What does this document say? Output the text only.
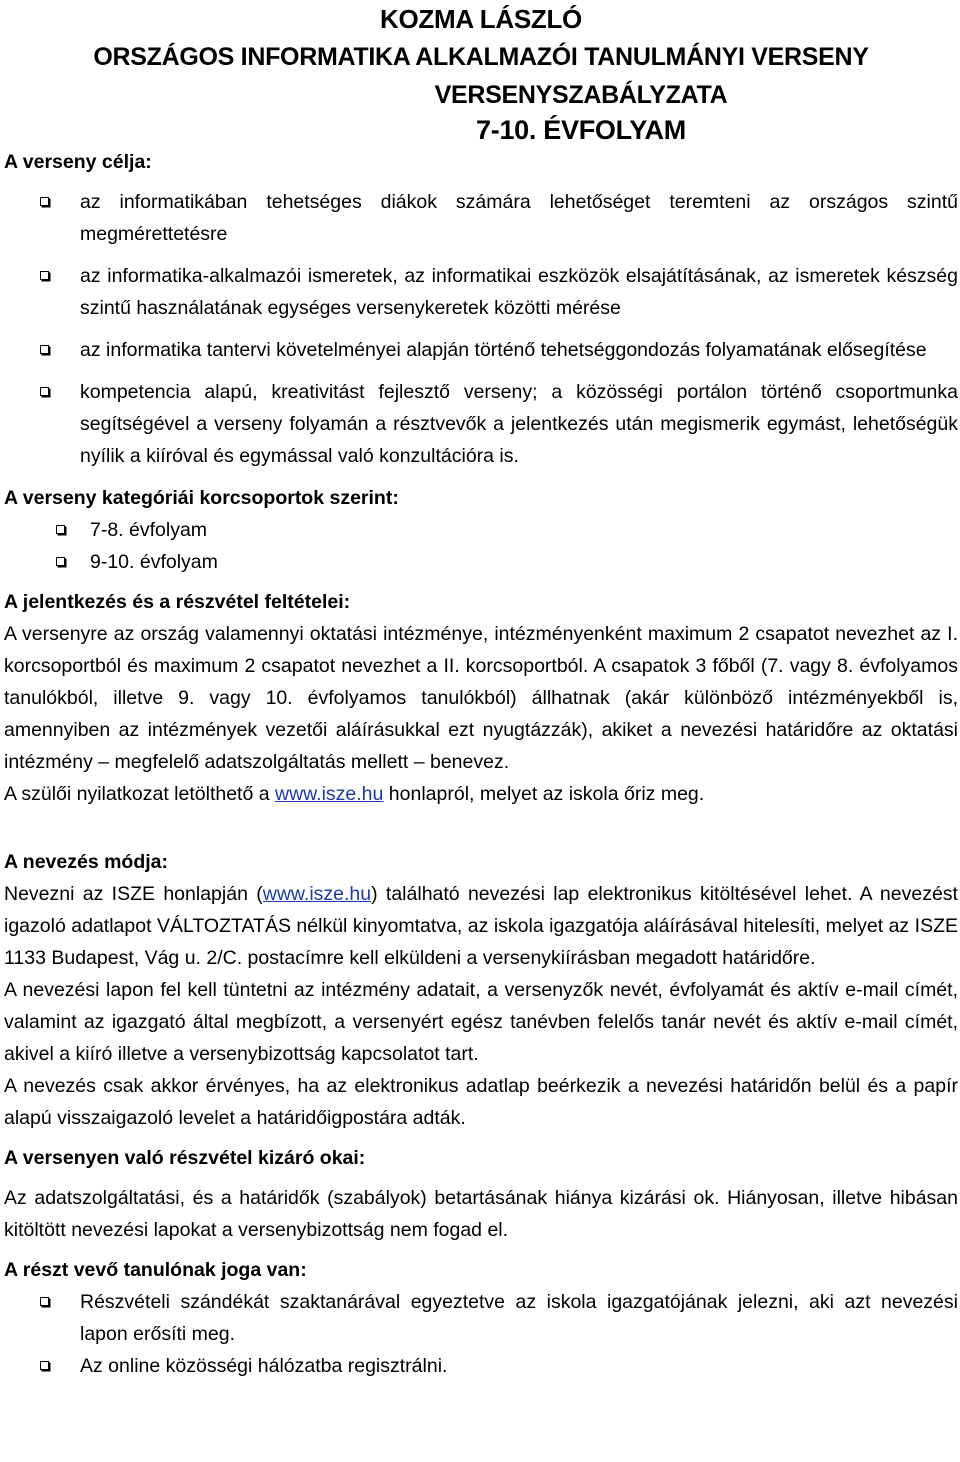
KOZMA LÁSZLÓ
ORSZÁGOS INFORMATIKA ALKALMAZÓI TANULMÁNYI VERSENY
VERSENYSZABÁLYZATA
7-10. ÉVFOLYAM
A verseny célja:
az informatikában tehetséges diákok számára lehetőséget teremteni az országos szintű megmérettetésre
az informatika-alkalmazói ismeretek, az informatikai eszközök elsajátításának, az ismeretek készség szintű használatának egységes versenykeretek közötti mérése
az informatika tantervi követelményei alapján történő tehetséggondozás folyamatának elősegítése
kompetencia alapú, kreativitást fejlesztő verseny; a közösségi portálon történő csoportmunka segítségével a verseny folyamán a résztvevők a jelentkezés után megismerik egymást, lehetőségük nyílik a kiíróval és egymással való konzultációra is.
A verseny kategóriái korcsoportok szerint:
7-8. évfolyam
9-10. évfolyam
A jelentkezés és a részvétel feltételei:

A versenyre az ország valamennyi oktatási intézménye, intézményenként maximum 2 csapatot nevezhet az I. korcsoportból és maximum 2 csapatot nevezhet a II. korcsoportból. A csapatok 3 főből (7. vagy 8. évfolyamos tanulókból, illetve 9. vagy 10. évfolyamos tanulókból) állhatnak (akár különböző intézményekből is, amennyiben az intézmények vezetői aláírásukkal ezt nyugtázzák), akiket a nevezési határidőre az oktatási intézmény – megfelelő adatszolgáltatás mellett – benevez.

A szülői nyilatkozat letölthető a www.isze.hu honlapról, melyet az iskola őriz meg.

A nevezés módja:

Nevezni az ISZE honlapján (www.isze.hu) található nevezési lap elektronikus kitöltésével lehet. A nevezést igazoló adatlapot VÁLTOZTATÁS nélkül kinyomtatva, az iskola igazgatója aláírásával hitelesíti, melyet az ISZE 1133 Budapest, Vág u. 2/C. postacímre kell elküldeni a versenykiírásban megadott határidőre.

A nevezési lapon fel kell tüntetni az intézmény adatait, a versenyzők nevét, évfolyamát és aktív e-mail címét, valamint az igazgató által megbízott, a versenyért egész tanévben felelős tanár nevét és aktív e-mail címét, akivel a kiíró illetve a versenybizottság kapcsolatot tart.

A nevezés csak akkor érvényes, ha az elektronikus adatlap beérkezik a nevezési határidőn belül és a papír alapú visszaigazoló levelet a határidőigpostára adták.

A versenyen való részvétel kizáró okai:

Az adatszolgáltatási, és a határidők (szabályok) betartásának hiánya kizárási ok. Hiányosan, illetve hibásan kitöltött nevezési lapokat a versenybizottság nem fogad el.

A részt vevő tanulónak joga van:
Részvételi szándékát szaktanárával egyeztetve az iskola igazgatójának jelezni, aki azt nevezési lapon erősíti meg.
Az online közösségi hálózatba regisztrálni.
